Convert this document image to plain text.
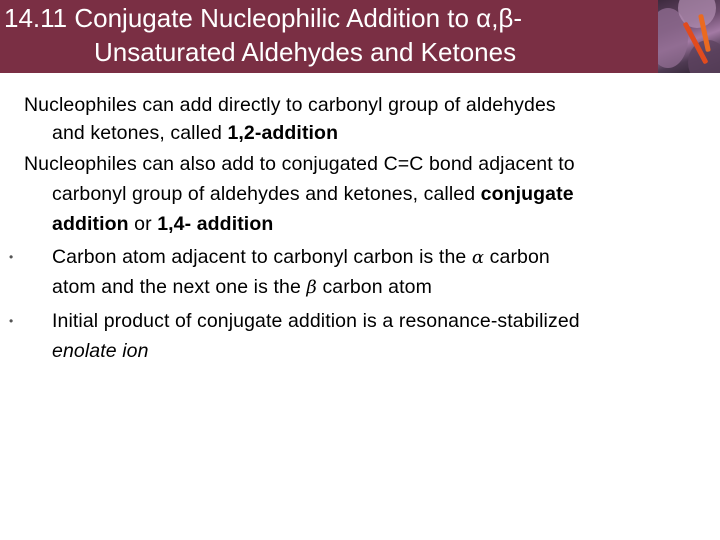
14.11 Conjugate Nucleophilic Addition to α,β-
Unsaturated Aldehydes and Ketones
Nucleophiles can add directly to carbonyl group of aldehydes
and ketones, called 1,2-addition
Nucleophiles can also add to conjugated C=C bond adjacent to
carbonyl group of aldehydes and ketones, called conjugate
addition or 1,4- addition
• Carbon atom adjacent to carbonyl carbon is the α carbon
atom and the next one is the β carbon atom
• Initial product of conjugate addition is a resonance-stabilized
enolate ion
